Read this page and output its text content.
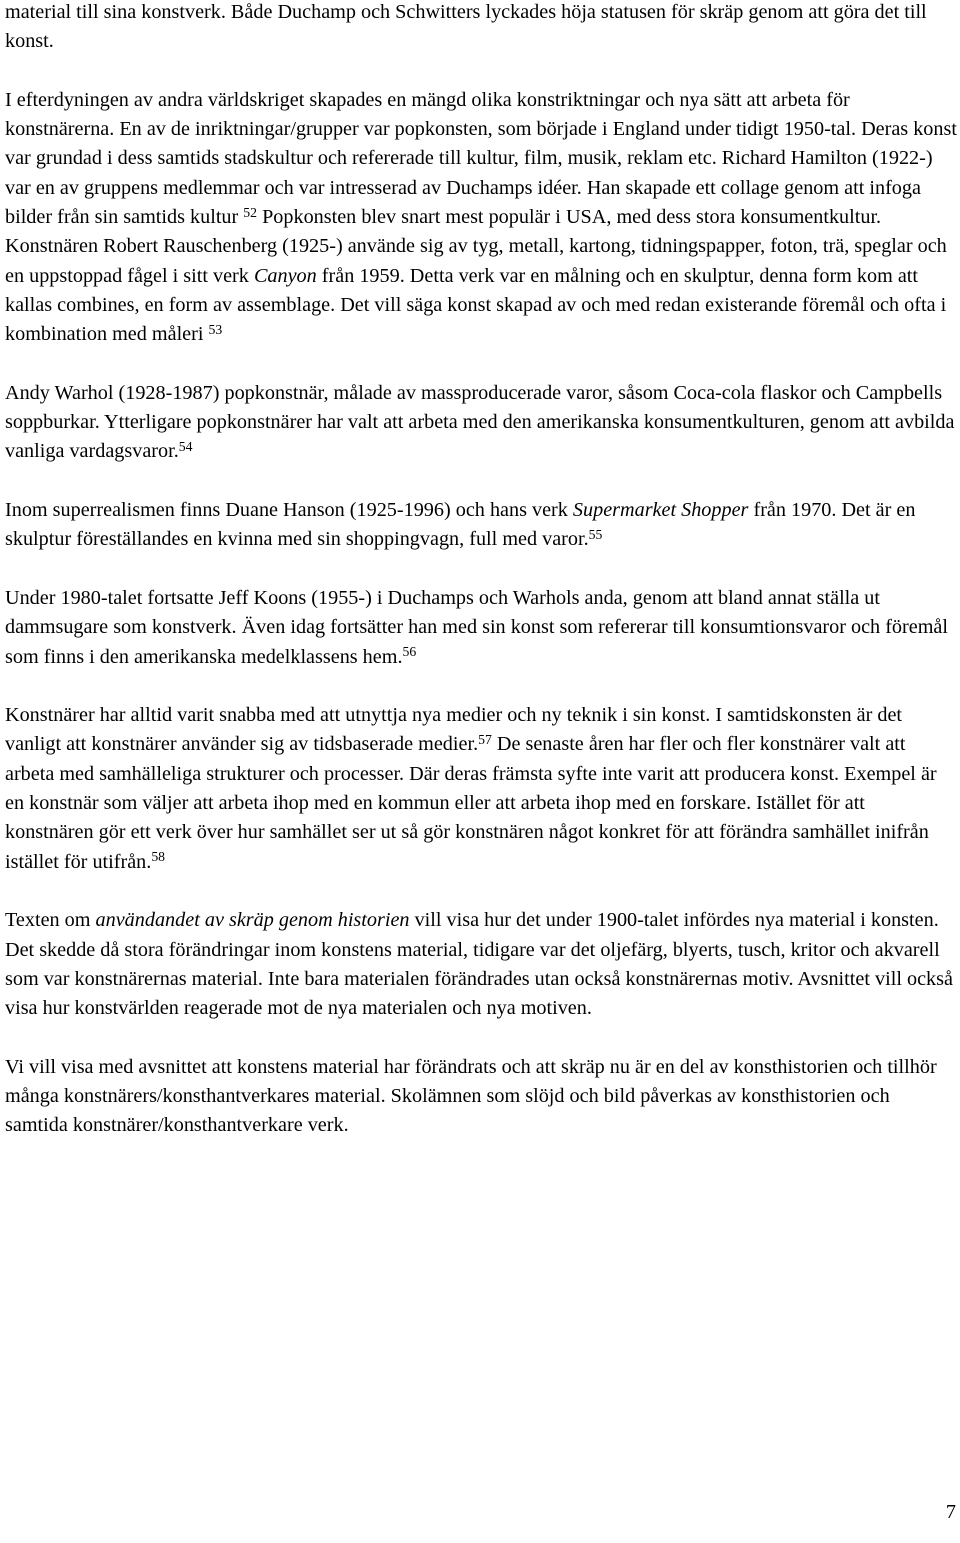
material till sina konstverk. Både Duchamp och Schwitters lyckades höja statusen för skräp genom att göra det till konst.

I efterdyningen av andra världskriget skapades en mängd olika konstriktningar och nya sätt att arbeta för konstnärerna. En av de inriktningar/grupper var popkonsten, som började i England under tidigt 1950-tal. Deras konst var grundad i dess samtids stadskultur och refererade till kultur, film, musik, reklam etc. Richard Hamilton (1922-) var en av gruppens medlemmar och var intresserad av Duchamps idéer. Han skapade ett collage genom att infoga bilder från sin samtids kultur $^{52}$ Popkonsten blev snart mest populär i USA, med dess stora konsumentkultur. Konstnären Robert Rauschenberg (1925-) använde sig av tyg, metall, kartong, tidningspapper, foton, trä, speglar och en uppstoppad fågel i sitt verk Canyon från 1959. Detta verk var en målning och en skulptur, denna form kom att kallas combines, en form av assemblage. Det vill säga konst skapad av och med redan existerande föremål och ofta i kombination med måleri $^{53}$

Andy Warhol (1928-1987) popkonstnär, målade av massproducerade varor, såsom Coca-cola flaskor och Campbells soppburkar. Ytterligare popkonstnärer har valt att arbeta med den amerikanska konsumentkulturen, genom att avbilda vanliga vardagsvaror.$^{54}$

Inom superrealismen finns Duane Hanson (1925-1996) och hans verk Supermarket Shopper från 1970. Det är en skulptur föreställandes en kvinna med sin shoppingvagn, full med varor.$^{55}$

Under 1980-talet fortsatte Jeff Koons (1955-) i Duchamps och Warhols anda, genom att bland annat ställa ut dammsugare som konstverk. Även idag fortsätter han med sin konst som refererar till konsumtionsvaror och föremål som finns i den amerikanska medelklassens hem.$^{56}$

Konstnärer har alltid varit snabba med att utnyttja nya medier och ny teknik i sin konst. I samtidskonsten är det vanligt att konstnärer använder sig av tidsbaserade medier.$^{57}$ De senaste åren har fler och fler konstnärer valt att arbeta med samhälleliga strukturer och processer. Där deras främsta syfte inte varit att producera konst. Exempel är en konstnär som väljer att arbeta ihop med en kommun eller att arbeta ihop med en forskare. Istället för att konstnären gör ett verk över hur samhället ser ut så gör konstnären något konkret för att förändra samhället inifrån istället för utifrån.$^{58}$

Texten om användandet av skräp genom historien vill visa hur det under 1900-talet infördes nya material i konsten. Det skedde då stora förändringar inom konstens material, tidigare var det oljefärg, blyerts, tusch, kritor och akvarell som var konstnärernas material. Inte bara materialen förändrades utan också konstnärernas motiv. Avsnittet vill också visa hur konstvärlden reagerade mot de nya materialen och nya motiven.

Vi vill visa med avsnittet att konstens material har förändrats och att skräp nu är en del av konsthistorien och tillhör många konstnärers/konsthantverkares material. Skolämnen som slöjd och bild påverkas av konsthistorien och samtida konstnärer/konsthantverkare verk.

7
